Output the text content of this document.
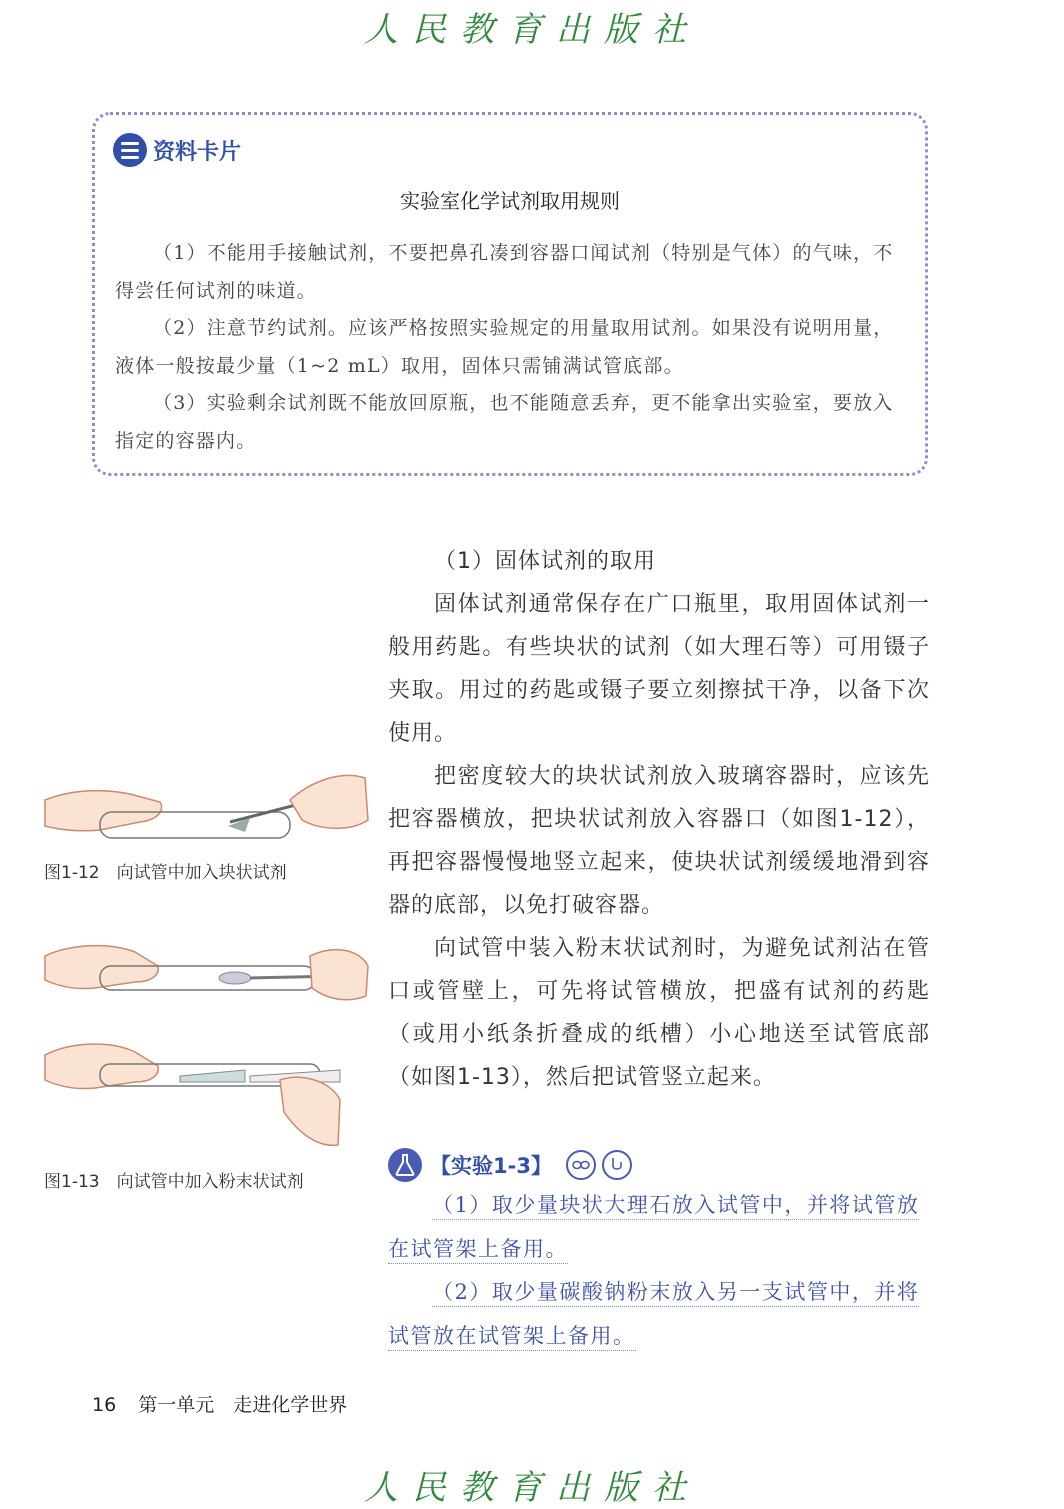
人民教育出版社
资料卡片
实验室化学试剂取用规则

（1）不能用手接触试剂，不要把鼻孔凑到容器口闻试剂（特别是气体）的气味，不得尝任何试剂的味道。

（2）注意节约试剂。应该严格按照实验规定的用量取用试剂。如果没有说明用量，液体一般按最少量（1~2 mL）取用，固体只需铺满试管底部。

（3）实验剩余试剂既不能放回原瓶，也不能随意丢弃，更不能拿出实验室，要放入指定的容器内。

图1-12　向试管中加入块状试剂
图1-13　向试管中加入粉末状试剂
（1）固体试剂的取用

固体试剂通常保存在广口瓶里，取用固体试剂一般用药匙。有些块状的试剂（如大理石等）可用镊子夹取。用过的药匙或镊子要立刻擦拭干净，以备下次使用。

把密度较大的块状试剂放入玻璃容器时，应该先把容器横放，把块状试剂放入容器口（如图1-12），再把容器慢慢地竖立起来，使块状试剂缓缓地滑到容器的底部，以免打破容器。

向试管中装入粉末状试剂时，为避免试剂沾在管口或管壁上，可先将试管横放，把盛有试剂的药匙（或用小纸条折叠成的纸槽）小心地送至试管底部（如图1-13），然后把试管竖立起来。

【实验1-3】

（1）取少量块状大理石放入试管中，并将试管放在试管架上备用。

（2）取少量碳酸钠粉末放入另一支试管中，并将试管放在试管架上备用。

16 第一单元　走进化学世界
人民教育出版社
